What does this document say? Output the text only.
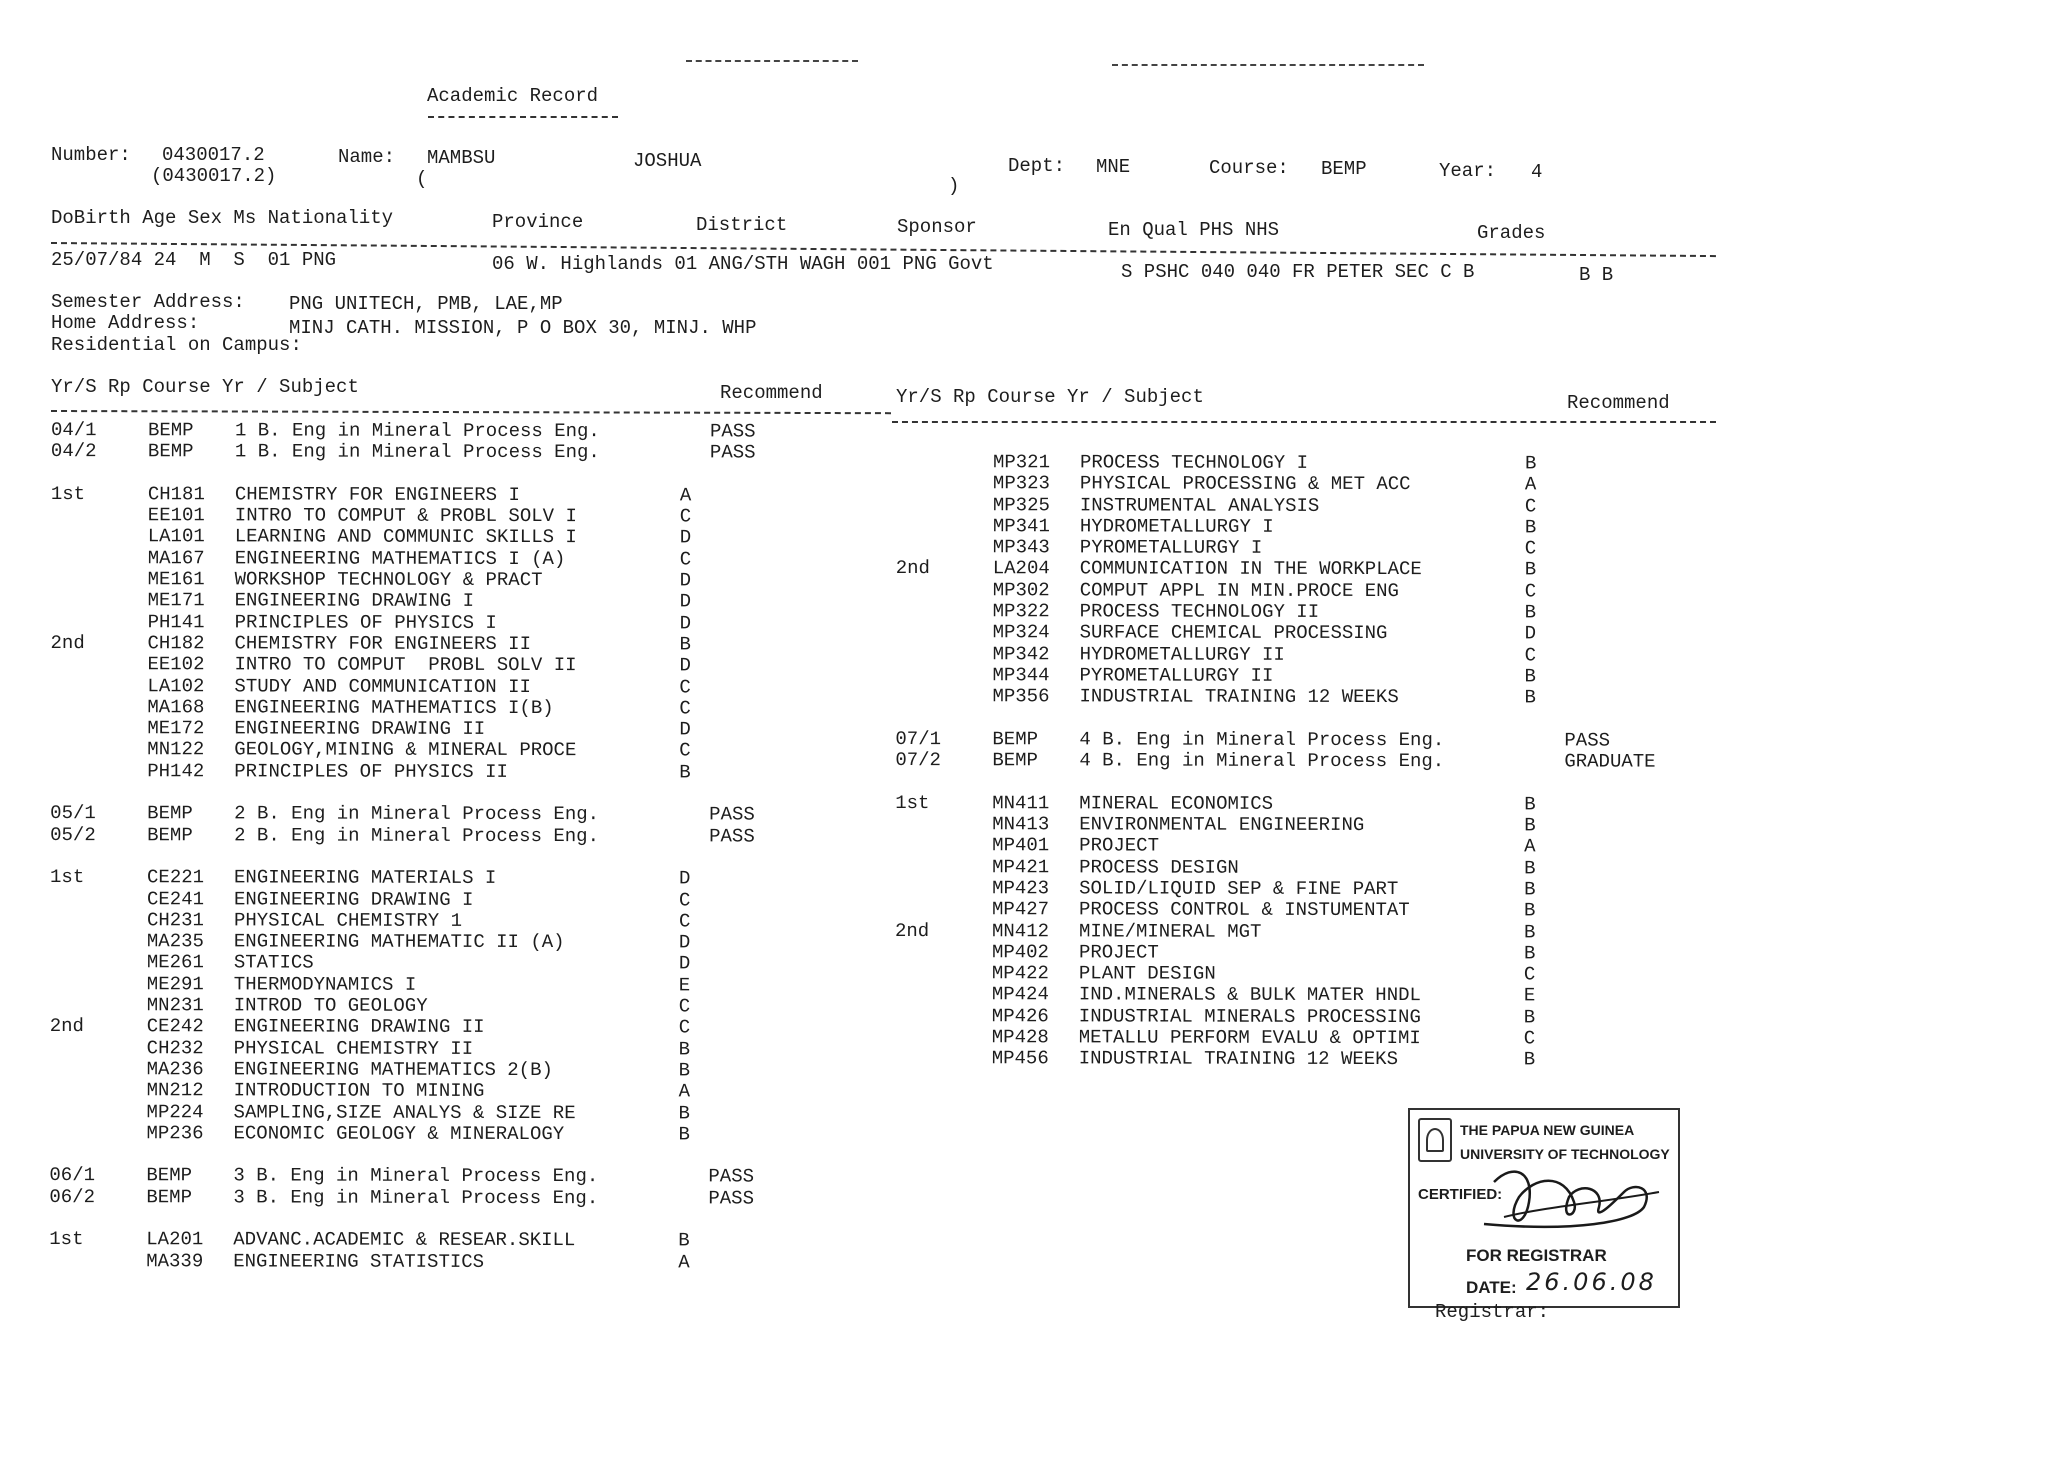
Academic Record
Number: 0430017.2
(0430017.2)
Name: MAMBSU	JOSHUA
(	)
Dept: MNE	Course: BEMP	Year: 4
DoBirth Age Sex Ms Nationality	Province	District	Sponsor	En Qual PHS NHS	Grades
25/07/84 24  M  S  01 PNG	06 W. Highlands 01 ANG/STH WAGH 001 PNG Govt	S PSHC 040 040 FR PETER SEC C B	B B
Semester Address: PNG UNITECH, PMB, LAE,MP
Home Address:	MINJ CATH. MISSION, P O BOX 30, MINJ. WHP
Residential on Campus:
Yr/S Rp Course Yr / Subject	Recommend	Yr/S Rp Course Yr / Subject	Recommend
04/1	BEMP	1 B. Eng in Mineral Process Eng.	PASS
04/2	BEMP	1 B. Eng in Mineral Process Eng.	PASS
1st	CH181	CHEMISTRY FOR ENGINEERS I	A
EE101	INTRO TO COMPUT & PROBL SOLV I	C
LA101	LEARNING AND COMMUNIC SKILLS I	D
MA167	ENGINEERING MATHEMATICS I (A)	C
ME161	WORKSHOP TECHNOLOGY & PRACT	D
ME171	ENGINEERING DRAWING I	D
PH141	PRINCIPLES OF PHYSICS I	D
2nd	CH182	CHEMISTRY FOR ENGINEERS II	B
EE102	INTRO TO COMPUT  PROBL SOLV II	D
LA102	STUDY AND COMMUNICATION II	C
MA168	ENGINEERING MATHEMATICS I(B)	C
ME172	ENGINEERING DRAWING II	D
MN122	GEOLOGY,MINING & MINERAL PROCE	C
PH142	PRINCIPLES OF PHYSICS II	B
05/1	BEMP	2 B. Eng in Mineral Process Eng.	PASS
05/2	BEMP	2 B. Eng in Mineral Process Eng.	PASS
1st	CE221	ENGINEERING MATERIALS I	D
CE241	ENGINEERING DRAWING I	C
CH231	PHYSICAL CHEMISTRY 1	C
MA235	ENGINEERING MATHEMATIC II (A)	D
ME261	STATICS	D
ME291	THERMODYNAMICS I	E
MN231	INTROD TO GEOLOGY	C
2nd	CE242	ENGINEERING DRAWING II	C
CH232	PHYSICAL CHEMISTRY II	B
MA236	ENGINEERING MATHEMATICS 2(B)	B
MN212	INTRODUCTION TO MINING	A
MP224	SAMPLING,SIZE ANALYS & SIZE RE	B
MP236	ECONOMIC GEOLOGY & MINERALOGY	B
06/1	BEMP	3 B. Eng in Mineral Process Eng.	PASS
06/2	BEMP	3 B. Eng in Mineral Process Eng.	PASS
1st	LA201	ADVANC.ACADEMIC & RESEAR.SKILL	B
MA339	ENGINEERING STATISTICS	A
MP321	PROCESS TECHNOLOGY I	B
MP323	PHYSICAL PROCESSING & MET ACC	A
MP325	INSTRUMENTAL ANALYSIS	C
MP341	HYDROMETALLURGY I	B
MP343	PYROMETALLURGY I	C
2nd	LA204	COMMUNICATION IN THE WORKPLACE	B
MP302	COMPUT APPL IN MIN.PROCE ENG	C
MP322	PROCESS TECHNOLOGY II	B
MP324	SURFACE CHEMICAL PROCESSING	D
MP342	HYDROMETALLURGY II	C
MP344	PYROMETALLURGY II	B
MP356	INDUSTRIAL TRAINING 12 WEEKS	B
07/1	BEMP	4 B. Eng in Mineral Process Eng.	PASS
07/2	BEMP	4 B. Eng in Mineral Process Eng.	GRADUATE
1st	MN411	MINERAL ECONOMICS	B
MN413	ENVIRONMENTAL ENGINEERING	B
MP401	PROJECT	A
MP421	PROCESS DESIGN	B
MP423	SOLID/LIQUID SEP & FINE PART	B
MP427	PROCESS CONTROL & INSTUMENTAT	B
2nd	MN412	MINE/MINERAL MGT	B
MP402	PROJECT	B
MP422	PLANT DESIGN	C
MP424	IND.MINERALS & BULK MATER HNDL	E
MP426	INDUSTRIAL MINERALS PROCESSING	B
MP428	METALLU PERFORM EVALU & OPTIMI	C
MP456	INDUSTRIAL TRAINING 12 WEEKS	B
THE PAPUA NEW GUINEA
UNIVERSITY OF TECHNOLOGY
CERTIFIED:
FOR REGISTRAR
DATE: 26.06.08
Registrar:
